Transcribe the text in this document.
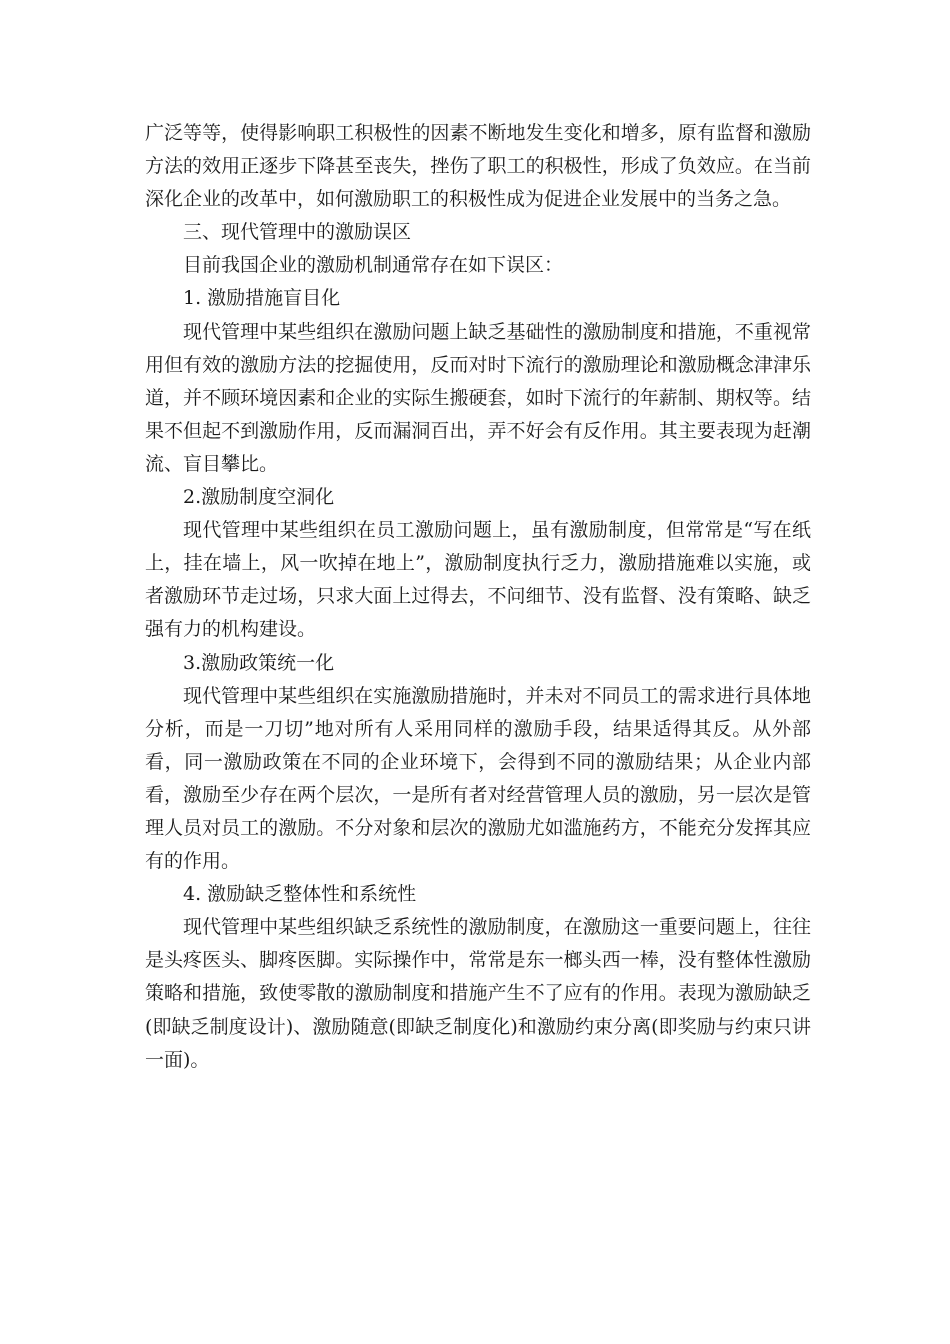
广泛等等，使得影响职工积极性的因素不断地发生变化和增多，原有监督和激励方法的效用正逐步下降甚至丧失，挫伤了职工的积极性，形成了负效应。在当前深化企业的改革中，如何激励职工的积极性成为促进企业发展中的当务之急。

三、现代管理中的激励误区

目前我国企业的激励机制通常存在如下误区：

1. 激励措施盲目化

现代管理中某些组织在激励问题上缺乏基础性的激励制度和措施，不重视常用但有效的激励方法的挖掘使用，反而对时下流行的激励理论和激励概念津津乐道，并不顾环境因素和企业的实际生搬硬套，如时下流行的年薪制、期权等。结果不但起不到激励作用，反而漏洞百出，弄不好会有反作用。其主要表现为赶潮流、盲目攀比。

2.激励制度空洞化

现代管理中某些组织在员工激励问题上，虽有激励制度，但常常是“写在纸上，挂在墙上，风一吹掉在地上”，激励制度执行乏力，激励措施难以实施，或者激励环节走过场，只求大面上过得去，不问细节、没有监督、没有策略、缺乏强有力的机构建设。

3.激励政策统一化

现代管理中某些组织在实施激励措施时，并未对不同员工的需求进行具体地分析，而是一刀切”地对所有人采用同样的激励手段，结果适得其反。从外部看，同一激励政策在不同的企业环境下，会得到不同的激励结果；从企业内部看，激励至少存在两个层次，一是所有者对经营管理人员的激励，另一层次是管理人员对员工的激励。不分对象和层次的激励尤如滥施药方，不能充分发挥其应有的作用。

4. 激励缺乏整体性和系统性

现代管理中某些组织缺乏系统性的激励制度，在激励这一重要问题上，往往是头疼医头、脚疼医脚。实际操作中，常常是东一榔头西一棒，没有整体性激励策略和措施，致使零散的激励制度和措施产生不了应有的作用。表现为激励缺乏(即缺乏制度设计)、激励随意(即缺乏制度化)和激励约束分离(即奖励与约束只讲一面)。
